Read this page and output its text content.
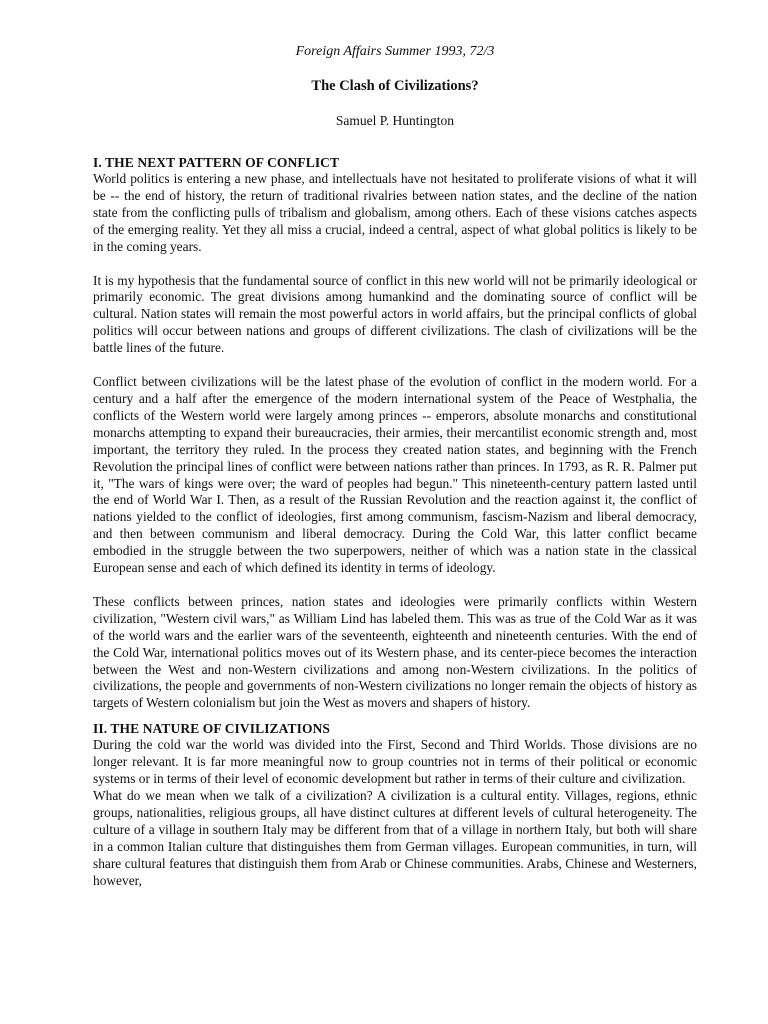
Foreign Affairs Summer 1993, 72/3
The Clash of Civilizations?
Samuel P. Huntington
I. THE NEXT PATTERN OF CONFLICT

World politics is entering a new phase, and intellectuals have not hesitated to proliferate visions of what it will be -- the end of history, the return of traditional rivalries between nation states, and the decline of the nation state from the conflicting pulls of tribalism and globalism, among others. Each of these visions catches aspects of the emerging reality. Yet they all miss a crucial, indeed a central, aspect of what global politics is likely to be in the coming years.

It is my hypothesis that the fundamental source of conflict in this new world will not be primarily ideological or primarily economic. The great divisions among humankind and the dominating source of conflict will be cultural. Nation states will remain the most powerful actors in world affairs, but the principal conflicts of global politics will occur between nations and groups of different civilizations. The clash of civilizations will be the battle lines of the future.

Conflict between civilizations will be the latest phase of the evolution of conflict in the modern world. For a century and a half after the emergence of the modern international system of the Peace of Westphalia, the conflicts of the Western world were largely among princes -- emperors, absolute monarchs and constitutional monarchs attempting to expand their bureaucracies, their armies, their mercantilist economic strength and, most important, the territory they ruled. In the process they created nation states, and beginning with the French Revolution the principal lines of conflict were between nations rather than princes. In 1793, as R. R. Palmer put it, "The wars of kings were over; the ward of peoples had begun." This nineteenth-century pattern lasted until the end of World War I. Then, as a result of the Russian Revolution and the reaction against it, the conflict of nations yielded to the conflict of ideologies, first among communism, fascism-Nazism and liberal democracy, and then between communism and liberal democracy. During the Cold War, this latter conflict became embodied in the struggle between the two superpowers, neither of which was a nation state in the classical European sense and each of which defined its identity in terms of ideology.

These conflicts between princes, nation states and ideologies were primarily conflicts within Western civilization, "Western civil wars," as William Lind has labeled them. This was as true of the Cold War as it was of the world wars and the earlier wars of the seventeenth, eighteenth and nineteenth centuries. With the end of the Cold War, international politics moves out of its Western phase, and its center-piece becomes the interaction between the West and non-Western civilizations and among non-Western civilizations. In the politics of civilizations, the people and governments of non-Western civilizations no longer remain the objects of history as targets of Western colonialism but join the West as movers and shapers of history.

II. THE NATURE OF CIVILIZATIONS

During the cold war the world was divided into the First, Second and Third Worlds. Those divisions are no longer relevant. It is far more meaningful now to group countries not in terms of their political or economic systems or in terms of their level of economic development but rather in terms of their culture and civilization.

What do we mean when we talk of a civilization? A civilization is a cultural entity. Villages, regions, ethnic groups, nationalities, religious groups, all have distinct cultures at different levels of cultural heterogeneity. The culture of a village in southern Italy may be different from that of a village in northern Italy, but both will share in a common Italian culture that distinguishes them from German villages. European communities, in turn, will share cultural features that distinguish them from Arab or Chinese communities. Arabs, Chinese and Westerners, however,
